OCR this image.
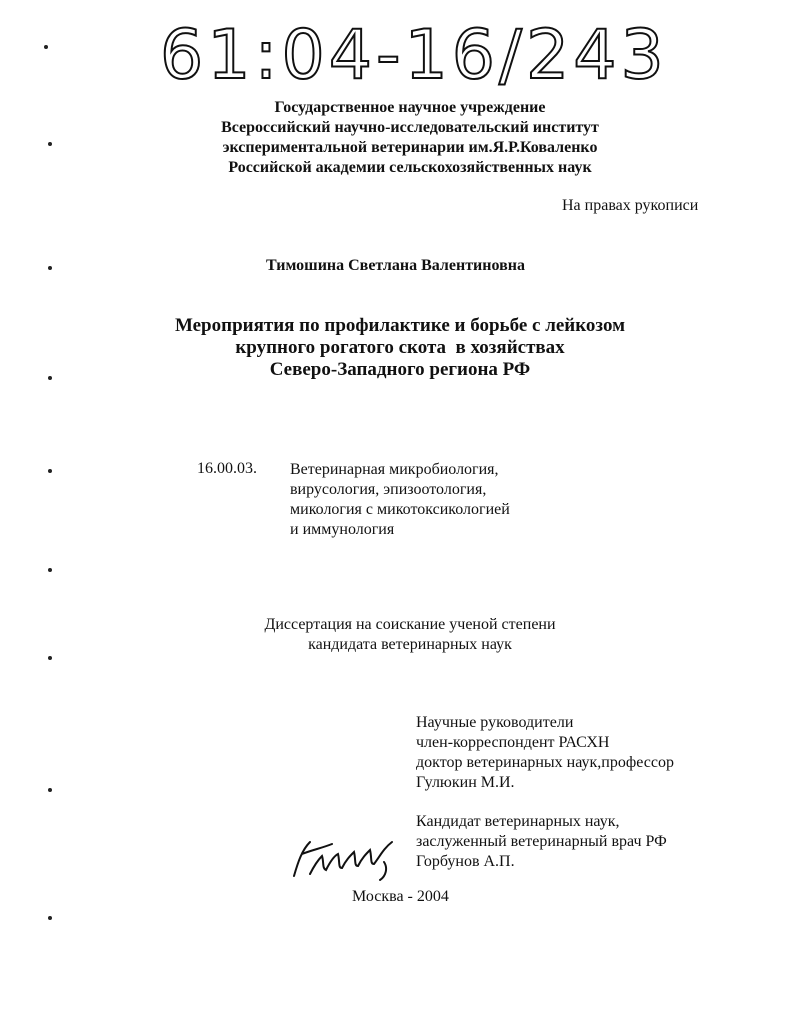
61:04-16/243
Государственное научное учреждение
Всероссийский научно-исследовательский институт
экспериментальной ветеринарии им.Я.Р.Коваленко
Российской академии сельскохозяйственных наук
На правах рукописи
Тимошина Светлана Валентиновна
Мероприятия по профилактике и борьбе с лейкозом
крупного рогатого скота  в хозяйствах
Северо-Западного региона РФ
16.00.03. Ветеринарная микробиология,
вирусология, эпизоотология,
микология с микотоксикологией
и иммунология
Диссертация на соискание ученой степени
кандидата ветеринарных наук
Научные руководители
член-корреспондент РАСХН
доктор ветеринарных наук,профессор
Гулюкин М.И.
Кандидат ветеринарных наук,
заслуженный ветеринарный врач РФ
Горбунов А.П.
Москва - 2004
